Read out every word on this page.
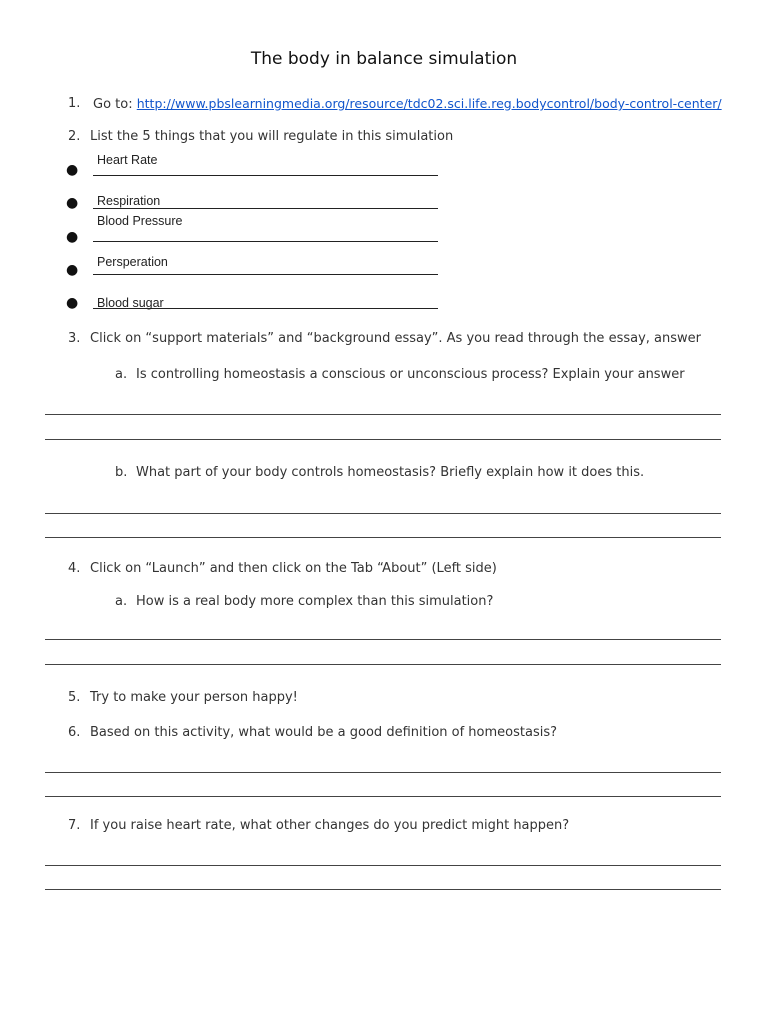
The body in balance simulation
1. Go to: http://www.pbslearningmedia.org/resource/tdc02.sci.life.reg.bodycontrol/body-control-center/
2. List the 5 things that you will regulate in this simulation
●
Heart Rate
● Respiration
●
Blood Pressure
● Persperation
● Blood sugar
3. Click on “support materials” and “background essay”. As you read through the essay, answer
a. Is controlling homeostasis a conscious or unconscious process? Explain your answer
b. What part of your body controls homeostasis? Briefly explain how it does this.
4. Click on “Launch” and then click on the Tab “About” (Left side)
a. How is a real body more complex than this simulation?
5. Try to make your person happy!
6. Based on this activity, what would be a good definition of homeostasis?
7. If you raise heart rate, what other changes do you predict might happen?
